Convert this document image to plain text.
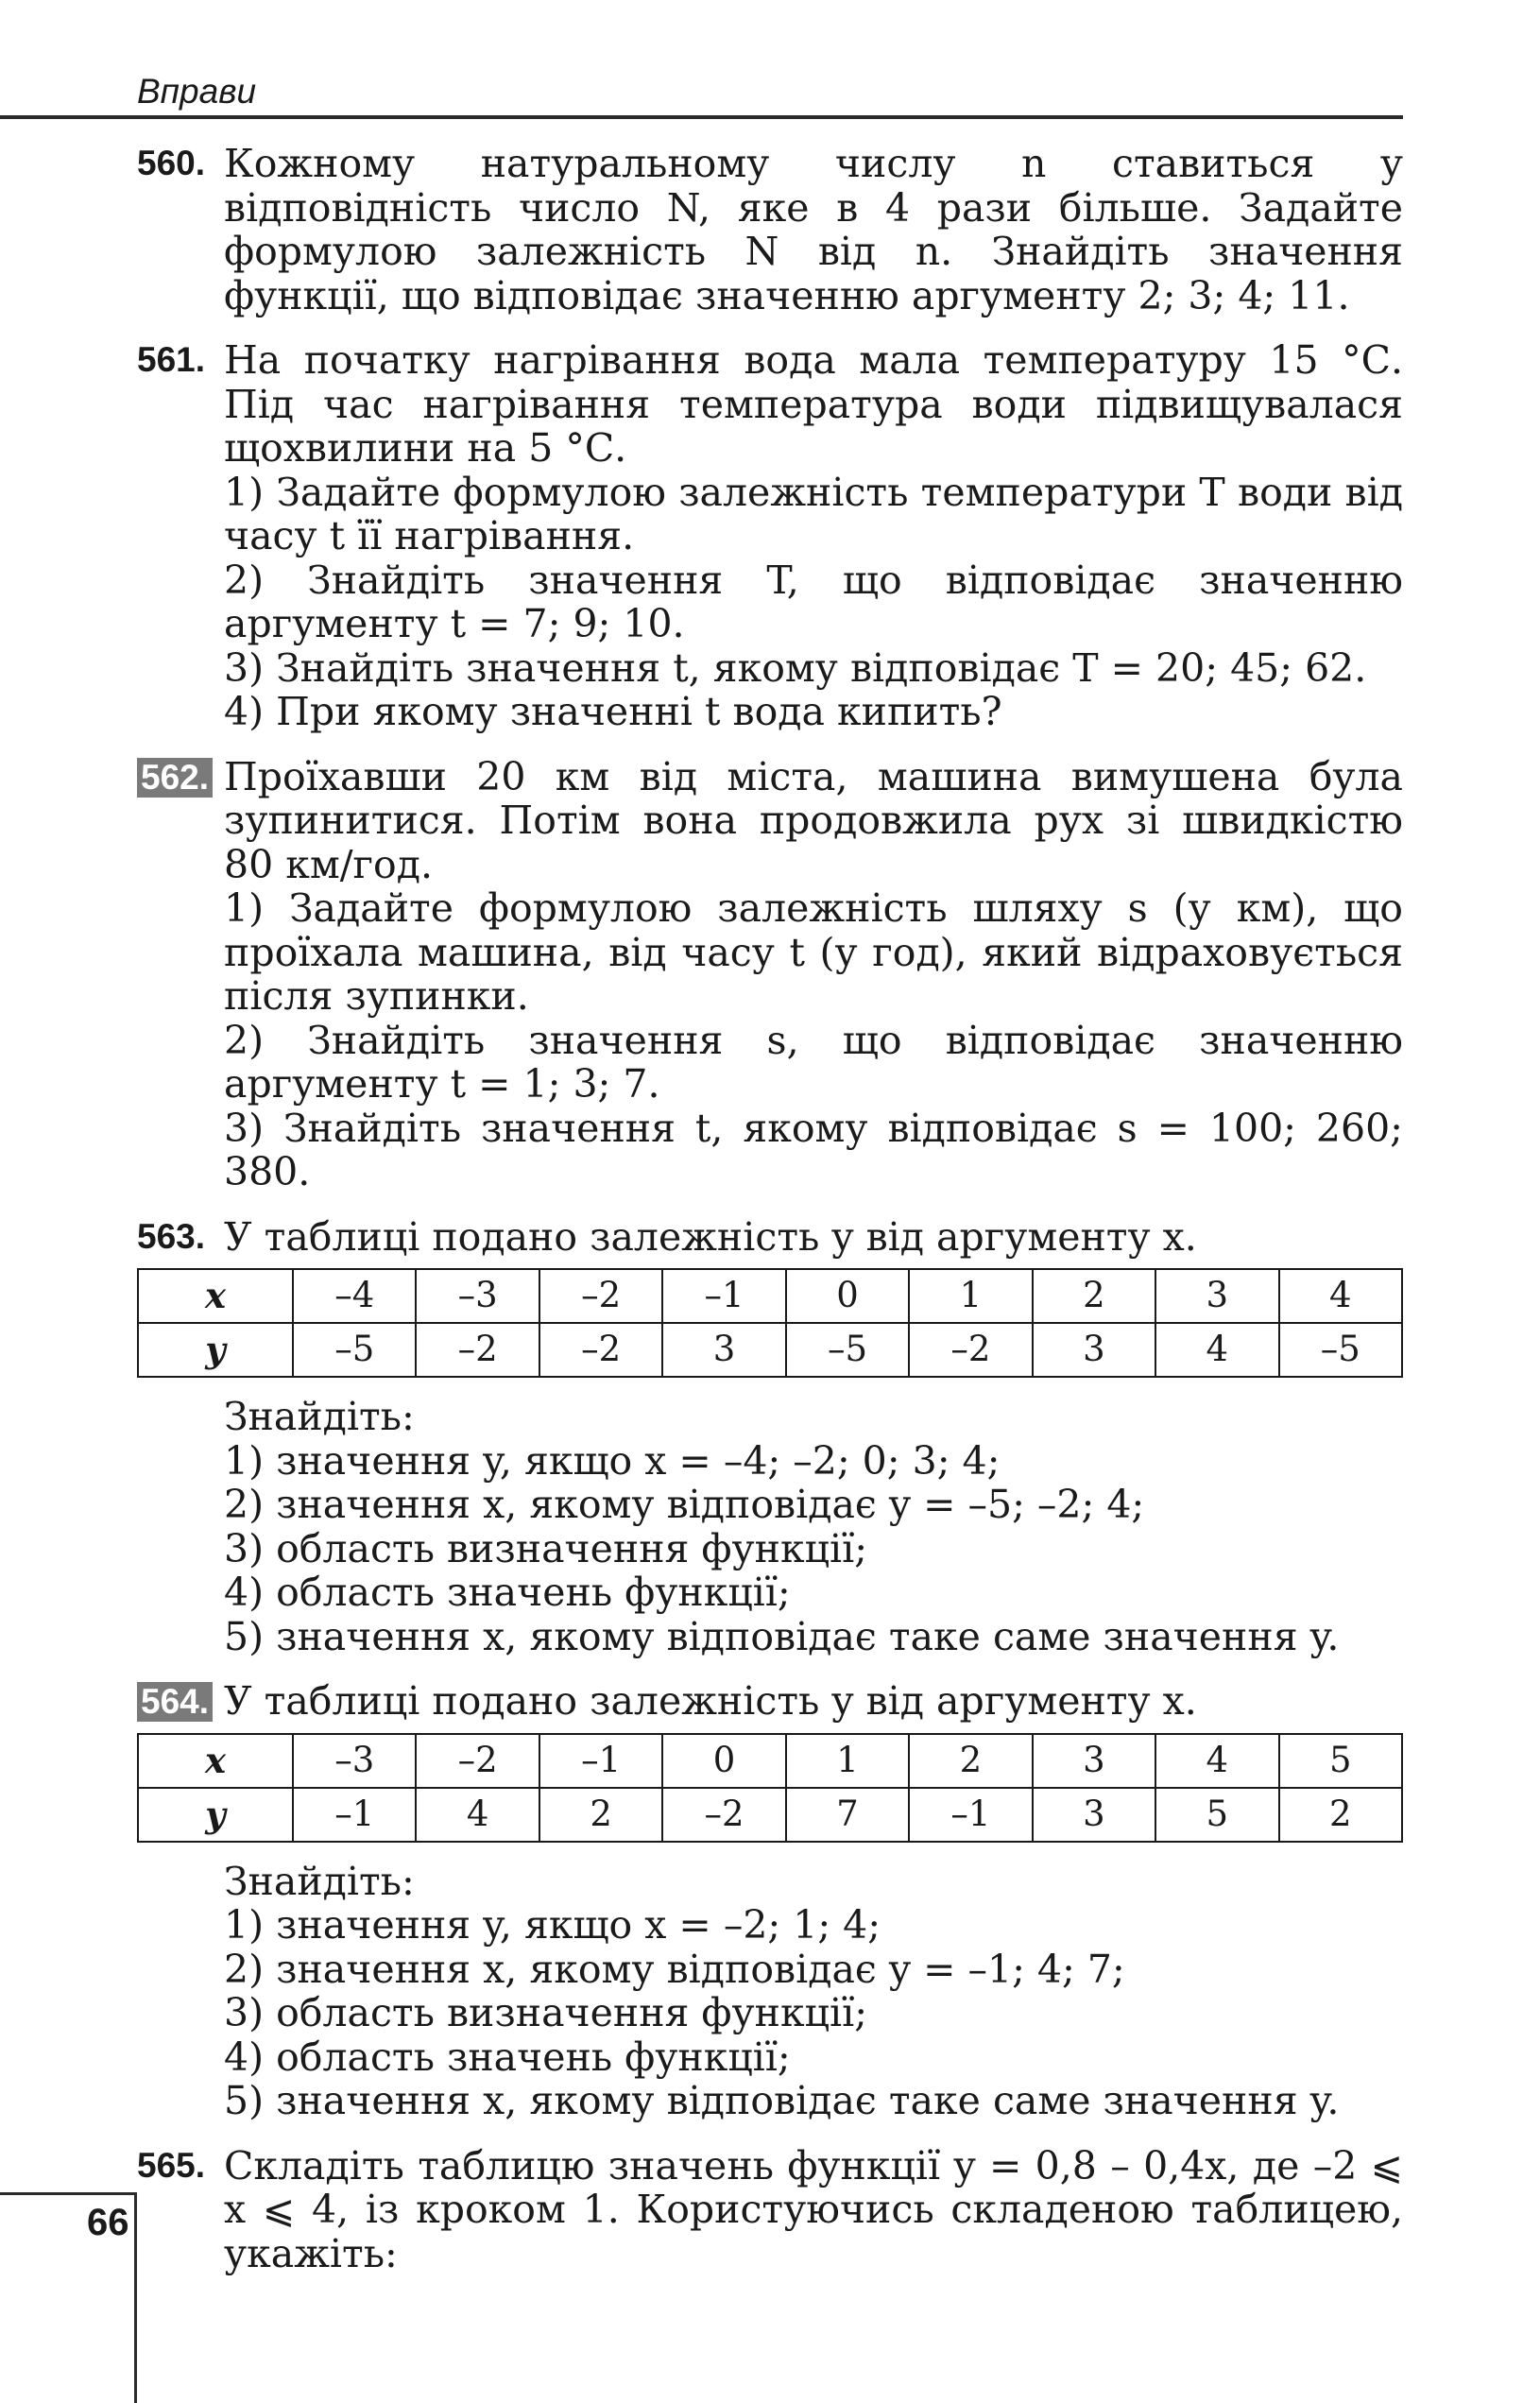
Вправи
560. Кожному натуральному числу n ставиться у відповідність число N, яке в 4 рази більше. Задайте формулою залежність N від n. Знайдіть значення функції, що відповідає значенню аргументу 2; 3; 4; 11.
561. На початку нагрівання вода мала температуру 15 °С. Під час нагрівання температура води підвищувалася щохвилини на 5 °С.
1) Задайте формулою залежність температури T води від часу t її нагрівання.
2) Знайдіть значення T, що відповідає значенню аргументу t = 7; 9; 10.
3) Знайдіть значення t, якому відповідає T = 20; 45; 62.
4) При якому значенні t вода кипить?
562. Проїхавши 20 км від міста, машина вимушена була зупинитися. Потім вона продовжила рух зі швидкістю 80 км/год.
1) Задайте формулою залежність шляху s (у км), що проїхала машина, від часу t (у год), який відраховується після зупинки.
2) Знайдіть значення s, що відповідає значенню аргументу t = 1; 3; 7.
3) Знайдіть значення t, якому відповідає s = 100; 260; 380.
563. У таблиці подано залежність y від аргументу x.
x	–4	–3	–2	–1	0	1	2	3	4
y	–5	–2	–2	3	–5	–2	3	4	–5
Знайдіть:
1) значення y, якщо x = –4; –2; 0; 3; 4;
2) значення x, якому відповідає y = –5; –2; 4;
3) область визначення функції;
4) область значень функції;
5) значення x, якому відповідає таке саме значення y.
564. У таблиці подано залежність y від аргументу x.
x	–3	–2	–1	0	1	2	3	4	5
y	–1	4	2	–2	7	–1	3	5	2
Знайдіть:
1) значення y, якщо x = –2; 1; 4;
2) значення x, якому відповідає y = –1; 4; 7;
3) область визначення функції;
4) область значень функції;
5) значення x, якому відповідає таке саме значення y.
565. Складіть таблицю значень функції y = 0,8 – 0,4x, де –2 ⩽ x ⩽ 4, із кроком 1. Користуючись складеною таблицею, укажіть:
66
